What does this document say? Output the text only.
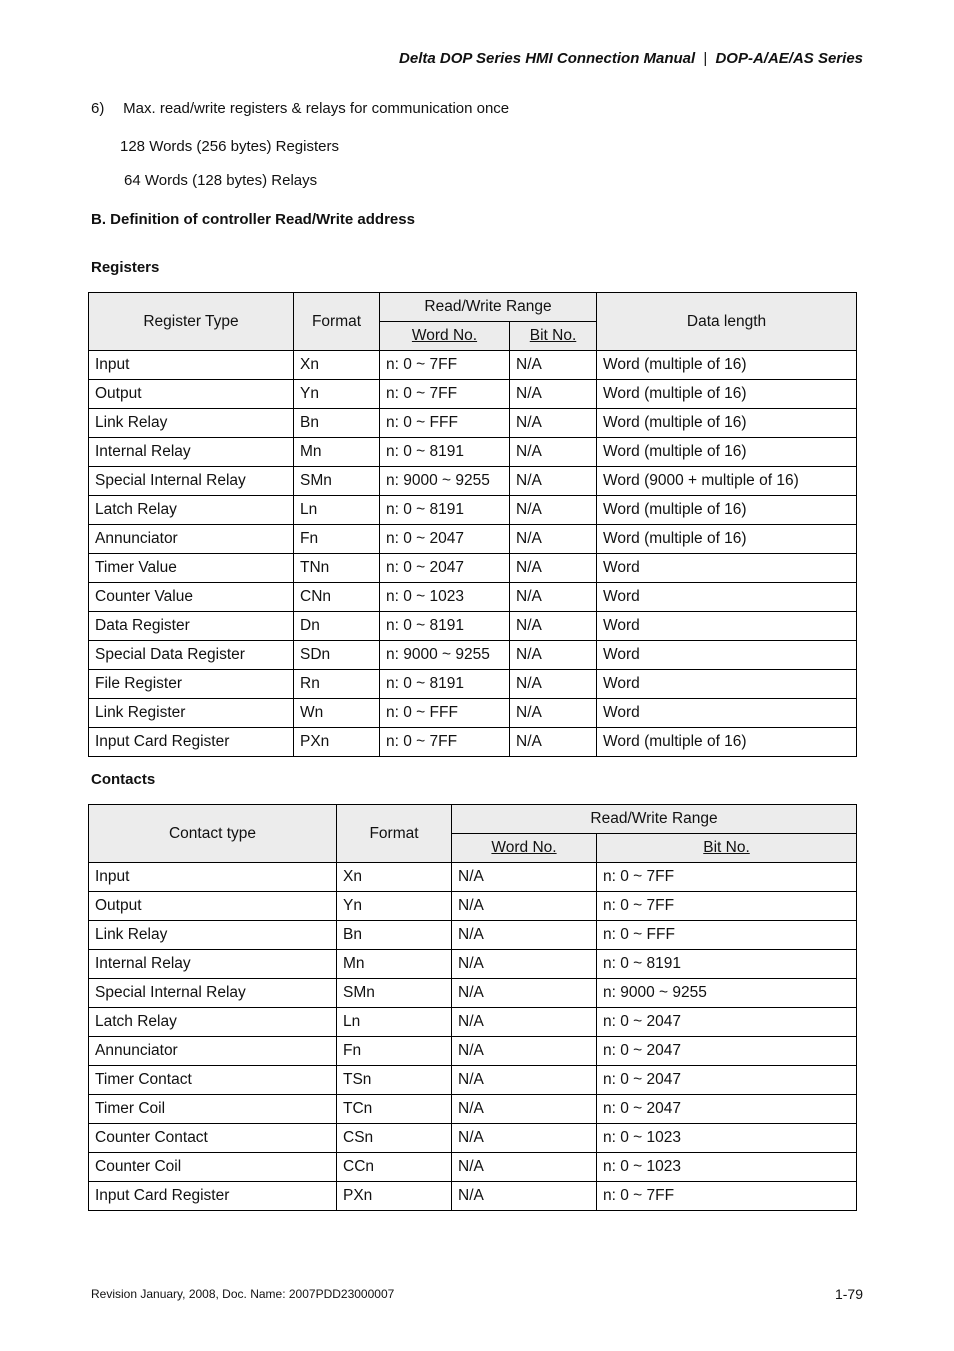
Delta DOP Series HMI Connection Manual | DOP-A/AE/AS Series
6) Max. read/write registers & relays for communication once
128 Words (256 bytes) Registers
64 Words (128 bytes) Relays
B. Definition of controller Read/Write address
Registers
Register Type	Format	Read/Write Range		Data length
		Word No.	Bit No.	
Input	Xn	n: 0 ~ 7FF	N/A	Word (multiple of 16)
Output	Yn	n: 0 ~ 7FF	N/A	Word (multiple of 16)
Link Relay	Bn	n: 0 ~ FFF	N/A	Word (multiple of 16)
Internal Relay	Mn	n: 0 ~ 8191	N/A	Word (multiple of 16)
Special Internal Relay	SMn	n: 9000 ~ 9255	N/A	Word (9000 + multiple of 16)
Latch Relay	Ln	n: 0 ~ 8191	N/A	Word (multiple of 16)
Annunciator	Fn	n: 0 ~ 2047	N/A	Word (multiple of 16)
Timer Value	TNn	n: 0 ~ 2047	N/A	Word
Counter Value	CNn	n: 0 ~ 1023	N/A	Word
Data Register	Dn	n: 0 ~ 8191	N/A	Word
Special Data Register	SDn	n: 9000 ~ 9255	N/A	Word
File Register	Rn	n: 0 ~ 8191	N/A	Word
Link Register	Wn	n: 0 ~ FFF	N/A	Word
Input Card Register	PXn	n: 0 ~ 7FF	N/A	Word (multiple of 16)
Contacts
Contact type	Format	Read/Write Range	
		Word No.	Bit No.
Input	Xn	N/A	n: 0 ~ 7FF
Output	Yn	N/A	n: 0 ~ 7FF
Link Relay	Bn	N/A	n: 0 ~ FFF
Internal Relay	Mn	N/A	n: 0 ~ 8191
Special Internal Relay	SMn	N/A	n: 9000 ~ 9255
Latch Relay	Ln	N/A	n: 0 ~ 2047
Annunciator	Fn	N/A	n: 0 ~ 2047
Timer Contact	TSn	N/A	n: 0 ~ 2047
Timer Coil	TCn	N/A	n: 0 ~ 2047
Counter Contact	CSn	N/A	n: 0 ~ 1023
Counter Coil	CCn	N/A	n: 0 ~ 1023
Input Card Register	PXn	N/A	n: 0 ~ 7FF
Revision January, 2008, Doc. Name: 2007PDD23000007	1-79
